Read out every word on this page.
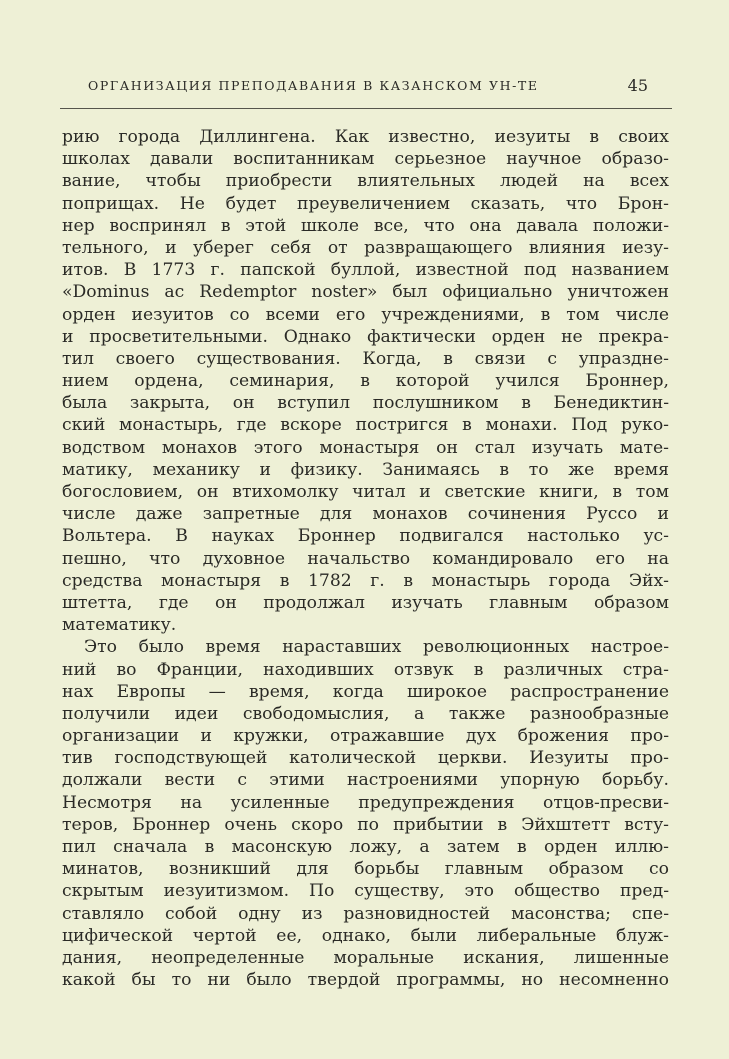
ОРГАНИЗАЦИЯ ПРЕПОДАВАНИЯ В КАЗАНСКОМ УН-ТЕ	45
рию города Диллингена. Как известно, иезуиты в своих
школах давали воспитанникам серьезное научное образо-
вание, чтобы приобрести влиятельных людей на всех
поприщах. Не будет преувеличением сказать, что Брон-
нер воспринял в этой школе все, что она давала положи-
тельного, и уберег себя от развращающего влияния иезу-
итов. В 1773 г. папской буллой, известной под названием
«Dominus ac Redemptor noster» был официально уничтожен
орден иезуитов со всеми его учреждениями, в том числе
и просветительными. Однако фактически орден не прекра-
тил своего существования. Когда, в связи с упраздне-
нием ордена, семинария, в которой учился Броннер,
была закрыта, он вступил послушником в Бенедиктин-
ский монастырь, где вскоре постригся в монахи. Под руко-
водством монахов этого монастыря он стал изучать мате-
матику, механику и физику. Занимаясь в то же время
богословием, он втихомолку читал и светские книги, в том
числе даже запретные для монахов сочинения Руссо и
Вольтера. В науках Броннер подвигался настолько ус-
пешно, что духовное начальство командировало его на
средства монастыря в 1782 г. в монастырь города Эйх-
штетта, где он продолжал изучать главным образом
математику.
Это было время нараставших революционных настрое-
ний во Франции, находивших отзвук в различных стра-
нах Европы — время, когда широкое распространение
получили идеи свободомыслия, а также разнообразные
организации и кружки, отражавшие дух брожения про-
тив господствующей католической церкви. Иезуиты про-
должали вести с этими настроениями упорную борьбу.
Несмотря на усиленные предупреждения отцов-пресви-
теров, Броннер очень скоро по прибытии в Эйхштетт всту-
пил сначала в масонскую ложу, а затем в орден иллю-
минатов, возникший для борьбы главным образом со
скрытым иезуитизмом. По существу, это общество пред-
ставляло собой одну из разновидностей масонства; спе-
цифической чертой ее, однако, были либеральные блуж-
дания, неопределенные моральные искания, лишенные
какой бы то ни было твердой программы, но несомненно
